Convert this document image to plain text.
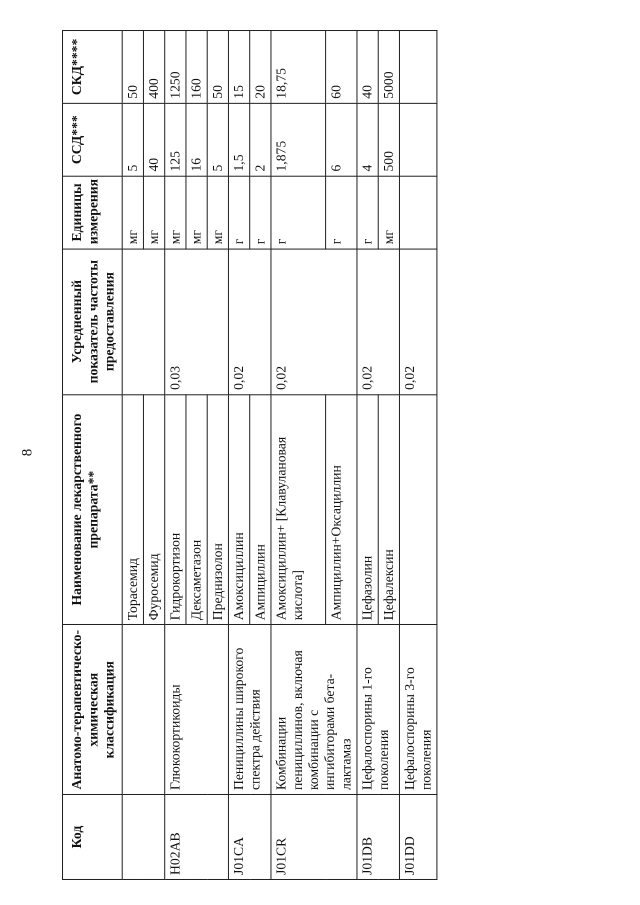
8
Код	Анатомо-терапевтическо-химическая классификация	Наименование лекарственного препарата**	Усредненный показатель частоты предоставления	Единицы измерения	ССД***	СКД****
		Торасемид		мг	5	50
		Фуросемид		мг	40	400
H02AB	Глюкокортикоиды	Гидрокортизон	0,03	мг	125	1250
		Дексаметазон		мг	16	160
		Преднизолон		мг	5	50
J01CA	Пенициллины широкого спектра действия	Амоксициллин	0,02	г	1,5	15
		Ампициллин		г	2	20
J01CR	Комбинации пенициллинов, включая комбинации с ингибиторами бета-лактамаз	Амоксициллин+ [Клавулановая кислота]	0,02	г	1,875	18,75
		Ампициллин+Оксациллин		г	6	60
J01DB	Цефалоспорины 1-го поколения	Цефазолин	0,02	г	4	40
		Цефалексин		мг	500	5000
J01DD	Цефалоспорины 3-го поколения		0,02			
